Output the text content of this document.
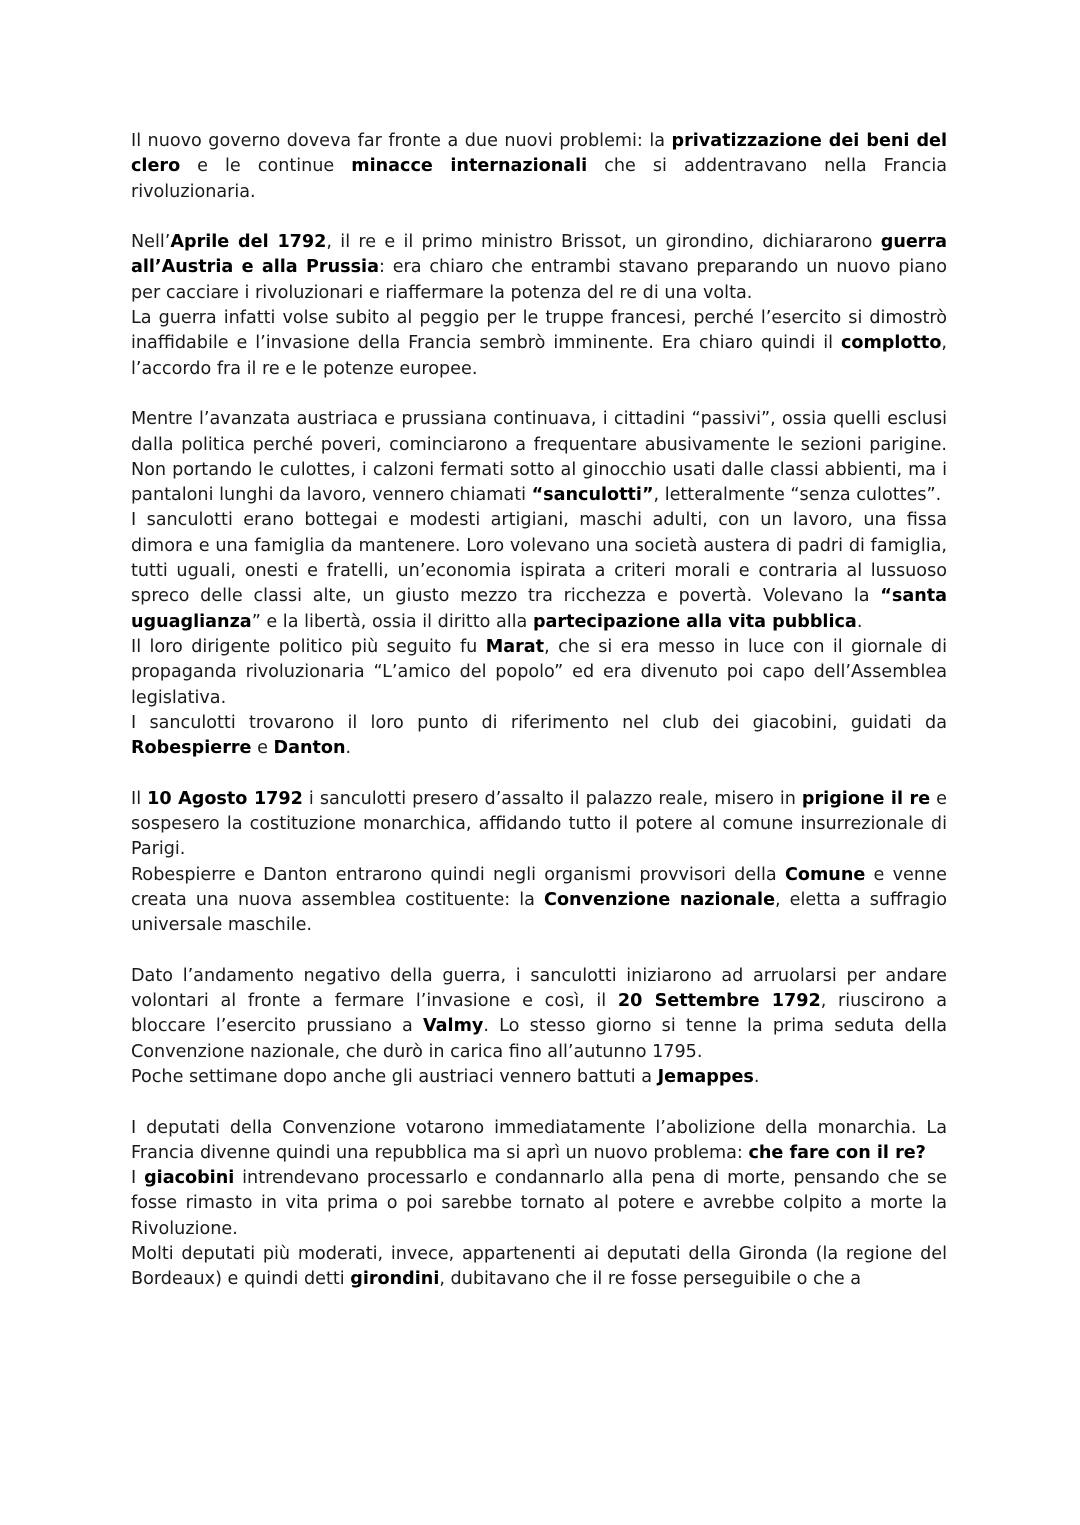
Il nuovo governo doveva far fronte a due nuovi problemi: la privatizzazione dei beni del clero e le continue minacce internazionali che si addentravano nella Francia rivoluzionaria.

Nell’Aprile del 1792, il re e il primo ministro Brissot, un girondino, dichiararono guerra all’Austria e alla Prussia: era chiaro che entrambi stavano preparando un nuovo piano per cacciare i rivoluzionari e riaffermare la potenza del re di una volta.

La guerra infatti volse subito al peggio per le truppe francesi, perché l’esercito si dimostrò inaffidabile e l’invasione della Francia sembrò imminente. Era chiaro quindi il complotto, l’accordo fra il re e le potenze europee.

Mentre l’avanzata austriaca e prussiana continuava, i cittadini “passivi”, ossia quelli esclusi dalla politica perché poveri, cominciarono a frequentare abusivamente le sezioni parigine. Non portando le culottes, i calzoni fermati sotto al ginocchio usati dalle classi abbienti, ma i pantaloni lunghi da lavoro, vennero chiamati “sanculotti”, letteralmente “senza culottes”.

I sanculotti erano bottegai e modesti artigiani, maschi adulti, con un lavoro, una fissa dimora e una famiglia da mantenere. Loro volevano una società austera di padri di famiglia, tutti uguali, onesti e fratelli, un’economia ispirata a criteri morali e contraria al lussuoso spreco delle classi alte, un giusto mezzo tra ricchezza e povertà. Volevano la “santa uguaglianza” e la libertà, ossia il diritto alla partecipazione alla vita pubblica.

Il loro dirigente politico più seguito fu Marat, che si era messo in luce con il giornale di propaganda rivoluzionaria “L’amico del popolo” ed era divenuto poi capo dell’Assemblea legislativa.

I sanculotti trovarono il loro punto di riferimento nel club dei giacobini, guidati da Robespierre e Danton.

Il 10 Agosto 1792 i sanculotti presero d’assalto il palazzo reale, misero in prigione il re e sospesero la costituzione monarchica, affidando tutto il potere al comune insurrezionale di Parigi.

Robespierre e Danton entrarono quindi negli organismi provvisori della Comune e venne creata una nuova assemblea costituente: la Convenzione nazionale, eletta a suffragio universale maschile.

Dato l’andamento negativo della guerra, i sanculotti iniziarono ad arruolarsi per andare volontari al fronte a fermare l’invasione e così, il 20 Settembre 1792, riuscirono a bloccare l’esercito prussiano a Valmy. Lo stesso giorno si tenne la prima seduta della Convenzione nazionale, che durò in carica fino all’autunno 1795.

Poche settimane dopo anche gli austriaci vennero battuti a Jemappes.

I deputati della Convenzione votarono immediatamente l’abolizione della monarchia. La Francia divenne quindi una repubblica ma si aprì un nuovo problema: che fare con il re?

I giacobini intrendevano processarlo e condannarlo alla pena di morte, pensando che se fosse rimasto in vita prima o poi sarebbe tornato al potere e avrebbe colpito a morte la Rivoluzione.

Molti deputati più moderati, invece, appartenenti ai deputati della Gironda (la regione del Bordeaux) e quindi detti girondini, dubitavano che il re fosse perseguibile o che a
